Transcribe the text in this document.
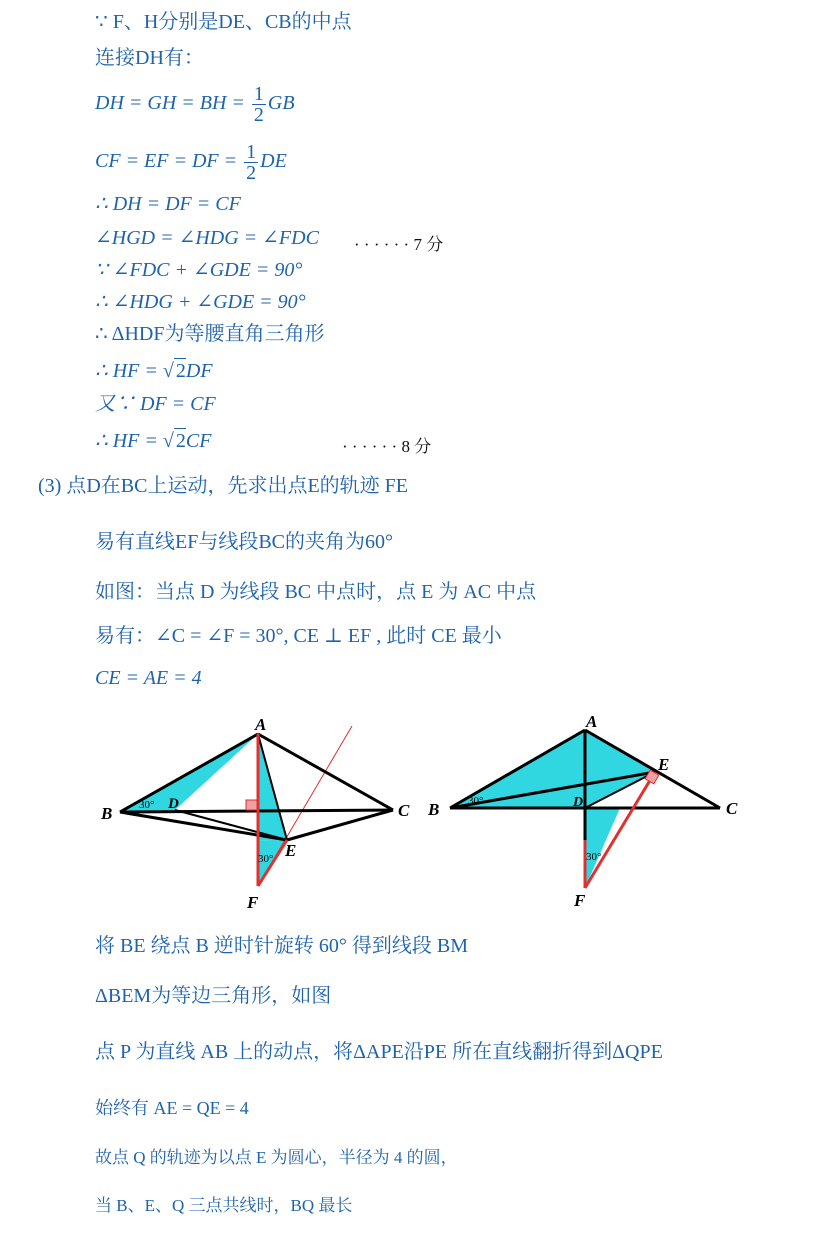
∵ F、H分别是DE、CB的中点
连接DH有：
DH = GH = BH = $\frac{1}{2}$ GB
CF = EF = DF = $\frac{1}{2}$ DE
∴ DH = DF = CF
∠HGD = ∠HDG = ∠FDC · · · · · · 7 分
∵ ∠FDC + ∠GDE = 90°
∴ ∠HDG + ∠GDE = 90°
∴ ΔHDF为等腰直角三角形
∴ HF = √ 2DF
又∵ DF = CF
∴ HF = √ 2CF	· · · · · · 8 分
(3) 点D在BC上运动，先求出点E的轨迹 FE
易有直线EF与线段BC的夹角为60°
如图：当点 D 为线段 BC 中点时，点 E 为 AC 中点
易有：∠C = ∠F = 30°, CE ⊥ EF , 此时 CE 最小
CE = AE = 4
B
A
C
D
E
F
30°
30°
B
A
C
D
E
F
30°
30°
将 BE 绕点 B 逆时针旋转 60° 得到线段 BM
ΔBEM为等边三角形，如图
点 P 为直线 AB 上的动点，将ΔAPE沿PE 所在直线翻折得到ΔQPE
始终有 AE = QE = 4
故点 Q 的轨迹为以点 E 为圆心，半径为 4 的圆，
当 B、E、Q 三点共线时，BQ 最长
